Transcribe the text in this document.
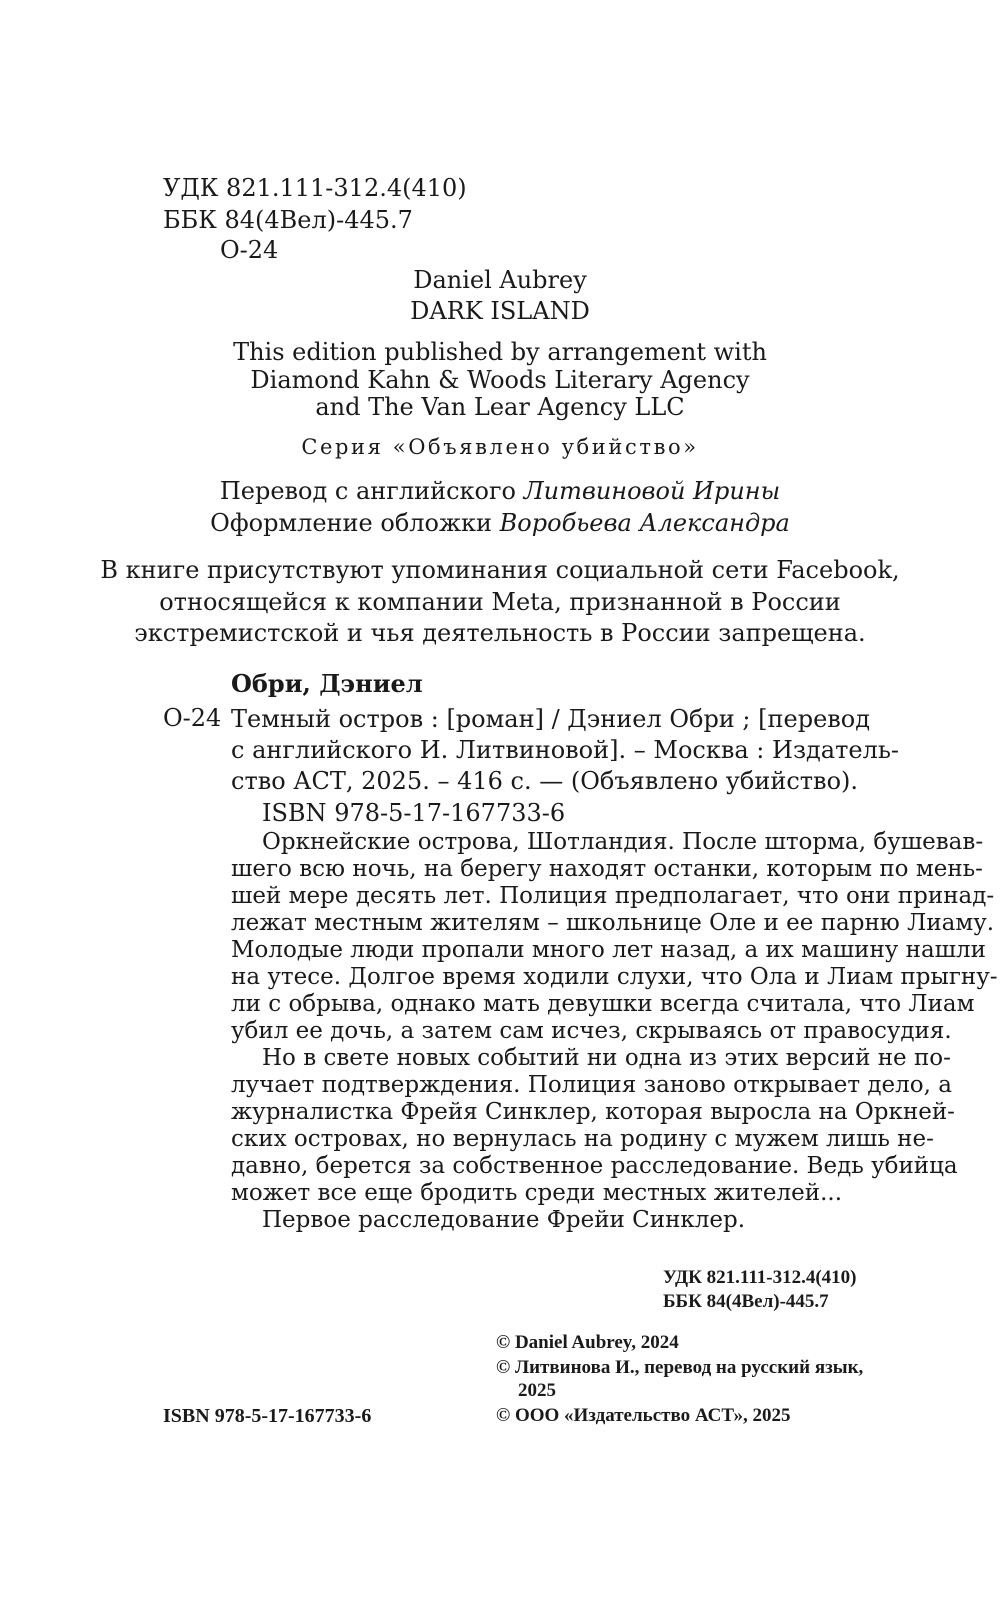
УДК 821.111-312.4(410)
ББК 84(4Вел)-445.7
О-24
Daniel Aubrey
DARK ISLAND
This edition published by arrangement with
Diamond Kahn & Woods Literary Agency
and The Van Lear Agency LLC
Серия «Объявлено убийство»
Перевод с английского Литвиновой Ирины
Оформление обложки Воробьева Александра
В книге присутствуют упоминания социальной сети Facebook,
относящейся к компании Meta, признанной в России
экстремистской и чья деятельность в России запрещена.
Обри, Дэниел
О-24 Темный остров : [роман] / Дэниел Обри ; [перевод
с английского И. Литвиновой]. – Москва : Издатель-
ство АСТ, 2025. – 416 с. — (Объявлено убийство).
ISBN 978-5-17-167733-6
Оркнейские острова, Шотландия. После шторма, бушевав-
шего всю ночь, на берегу находят останки, которым по мень-
шей мере десять лет. Полиция предполагает, что они принад-
лежат местным жителям – школьнице Оле и ее парню Лиаму.
Молодые люди пропали много лет назад, а их машину нашли
на утесе. Долгое время ходили слухи, что Ола и Лиам прыгну-
ли с обрыва, однако мать девушки всегда считала, что Лиам
убил ее дочь, а затем сам исчез, скрываясь от правосудия.
Но в свете новых событий ни одна из этих версий не по-
лучает подтверждения. Полиция заново открывает дело, а
журналистка Фрейя Синклер, которая выросла на Оркней-
ских островах, но вернулась на родину с мужем лишь не-
давно, берется за собственное расследование. Ведь убийца
может все еще бродить среди местных жителей...
Первое расследование Фрейи Синклер.
УДК 821.111-312.4(410)
ББК 84(4Вел)-445.7
© Daniel Aubrey, 2024
© Литвинова И., перевод на русский язык,
2025
© ООО «Издательство АСТ», 2025
ISBN 978-5-17-167733-6
